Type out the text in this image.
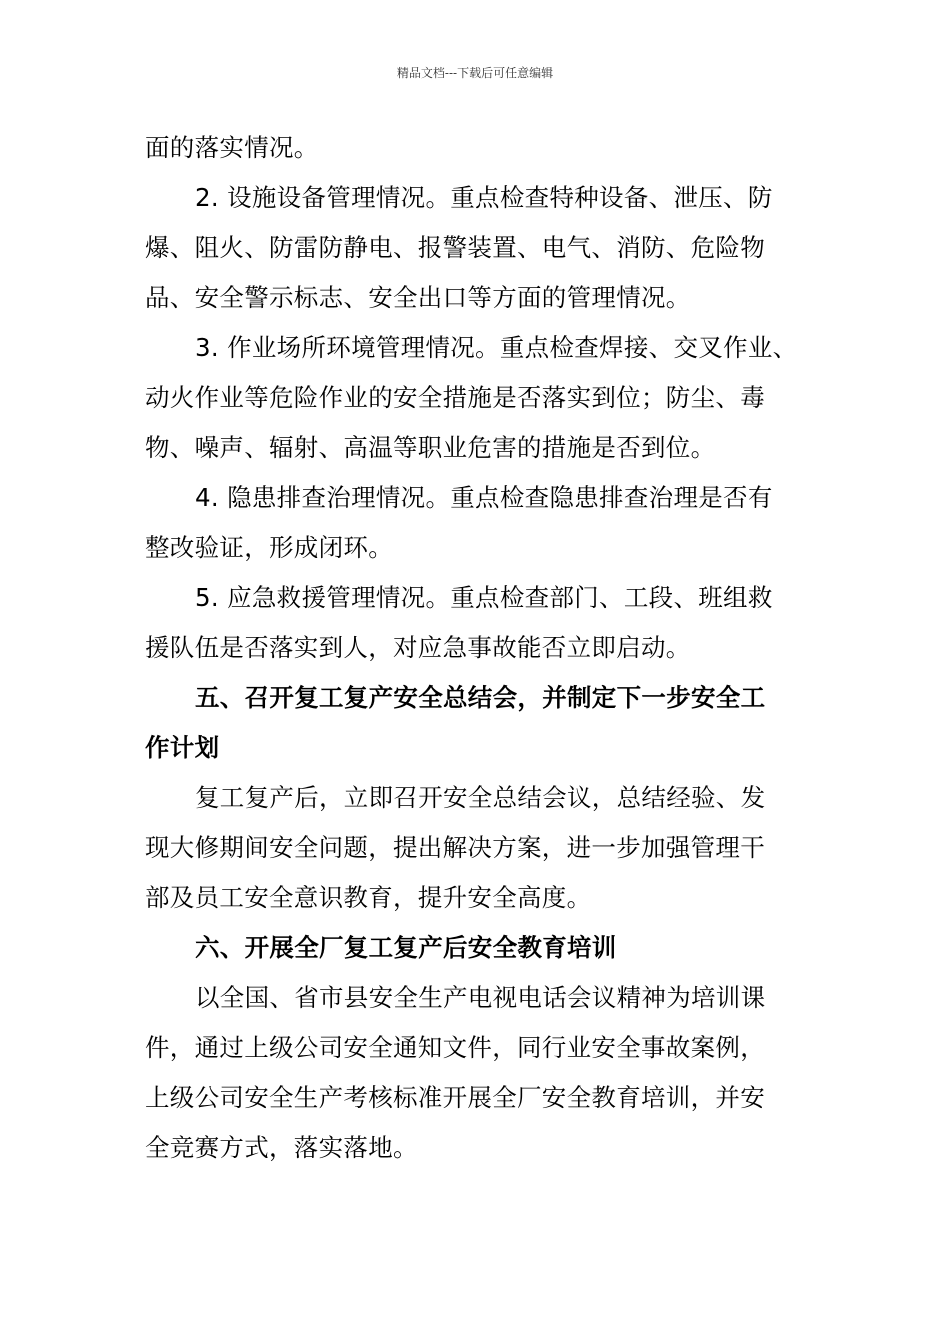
精品文档---下载后可任意编辑
面的落实情况。
2. 设施设备管理情况。重点检查特种设备、泄压、防
爆、阻火、防雷防静电、报警装置、电气、消防、危险物
品、安全警示标志、安全出口等方面的管理情况。
3. 作业场所环境管理情况。重点检查焊接、交叉作业、
动火作业等危险作业的安全措施是否落实到位；防尘、毒
物、噪声、辐射、高温等职业危害的措施是否到位。
4. 隐患排查治理情况。重点检查隐患排查治理是否有
整改验证，形成闭环。
5. 应急救援管理情况。重点检查部门、工段、班组救
援队伍是否落实到人，对应急事故能否立即启动。
五、召开复工复产安全总结会，并制定下一步安全工
作计划
复工复产后，立即召开安全总结会议，总结经验、发
现大修期间安全问题，提出解决方案，进一步加强管理干
部及员工安全意识教育，提升安全高度。
六、开展全厂复工复产后安全教育培训
以全国、省市县安全生产电视电话会议精神为培训课
件，通过上级公司安全通知文件，同行业安全事故案例，
上级公司安全生产考核标准开展全厂安全教育培训，并安
全竞赛方式，落实落地。
